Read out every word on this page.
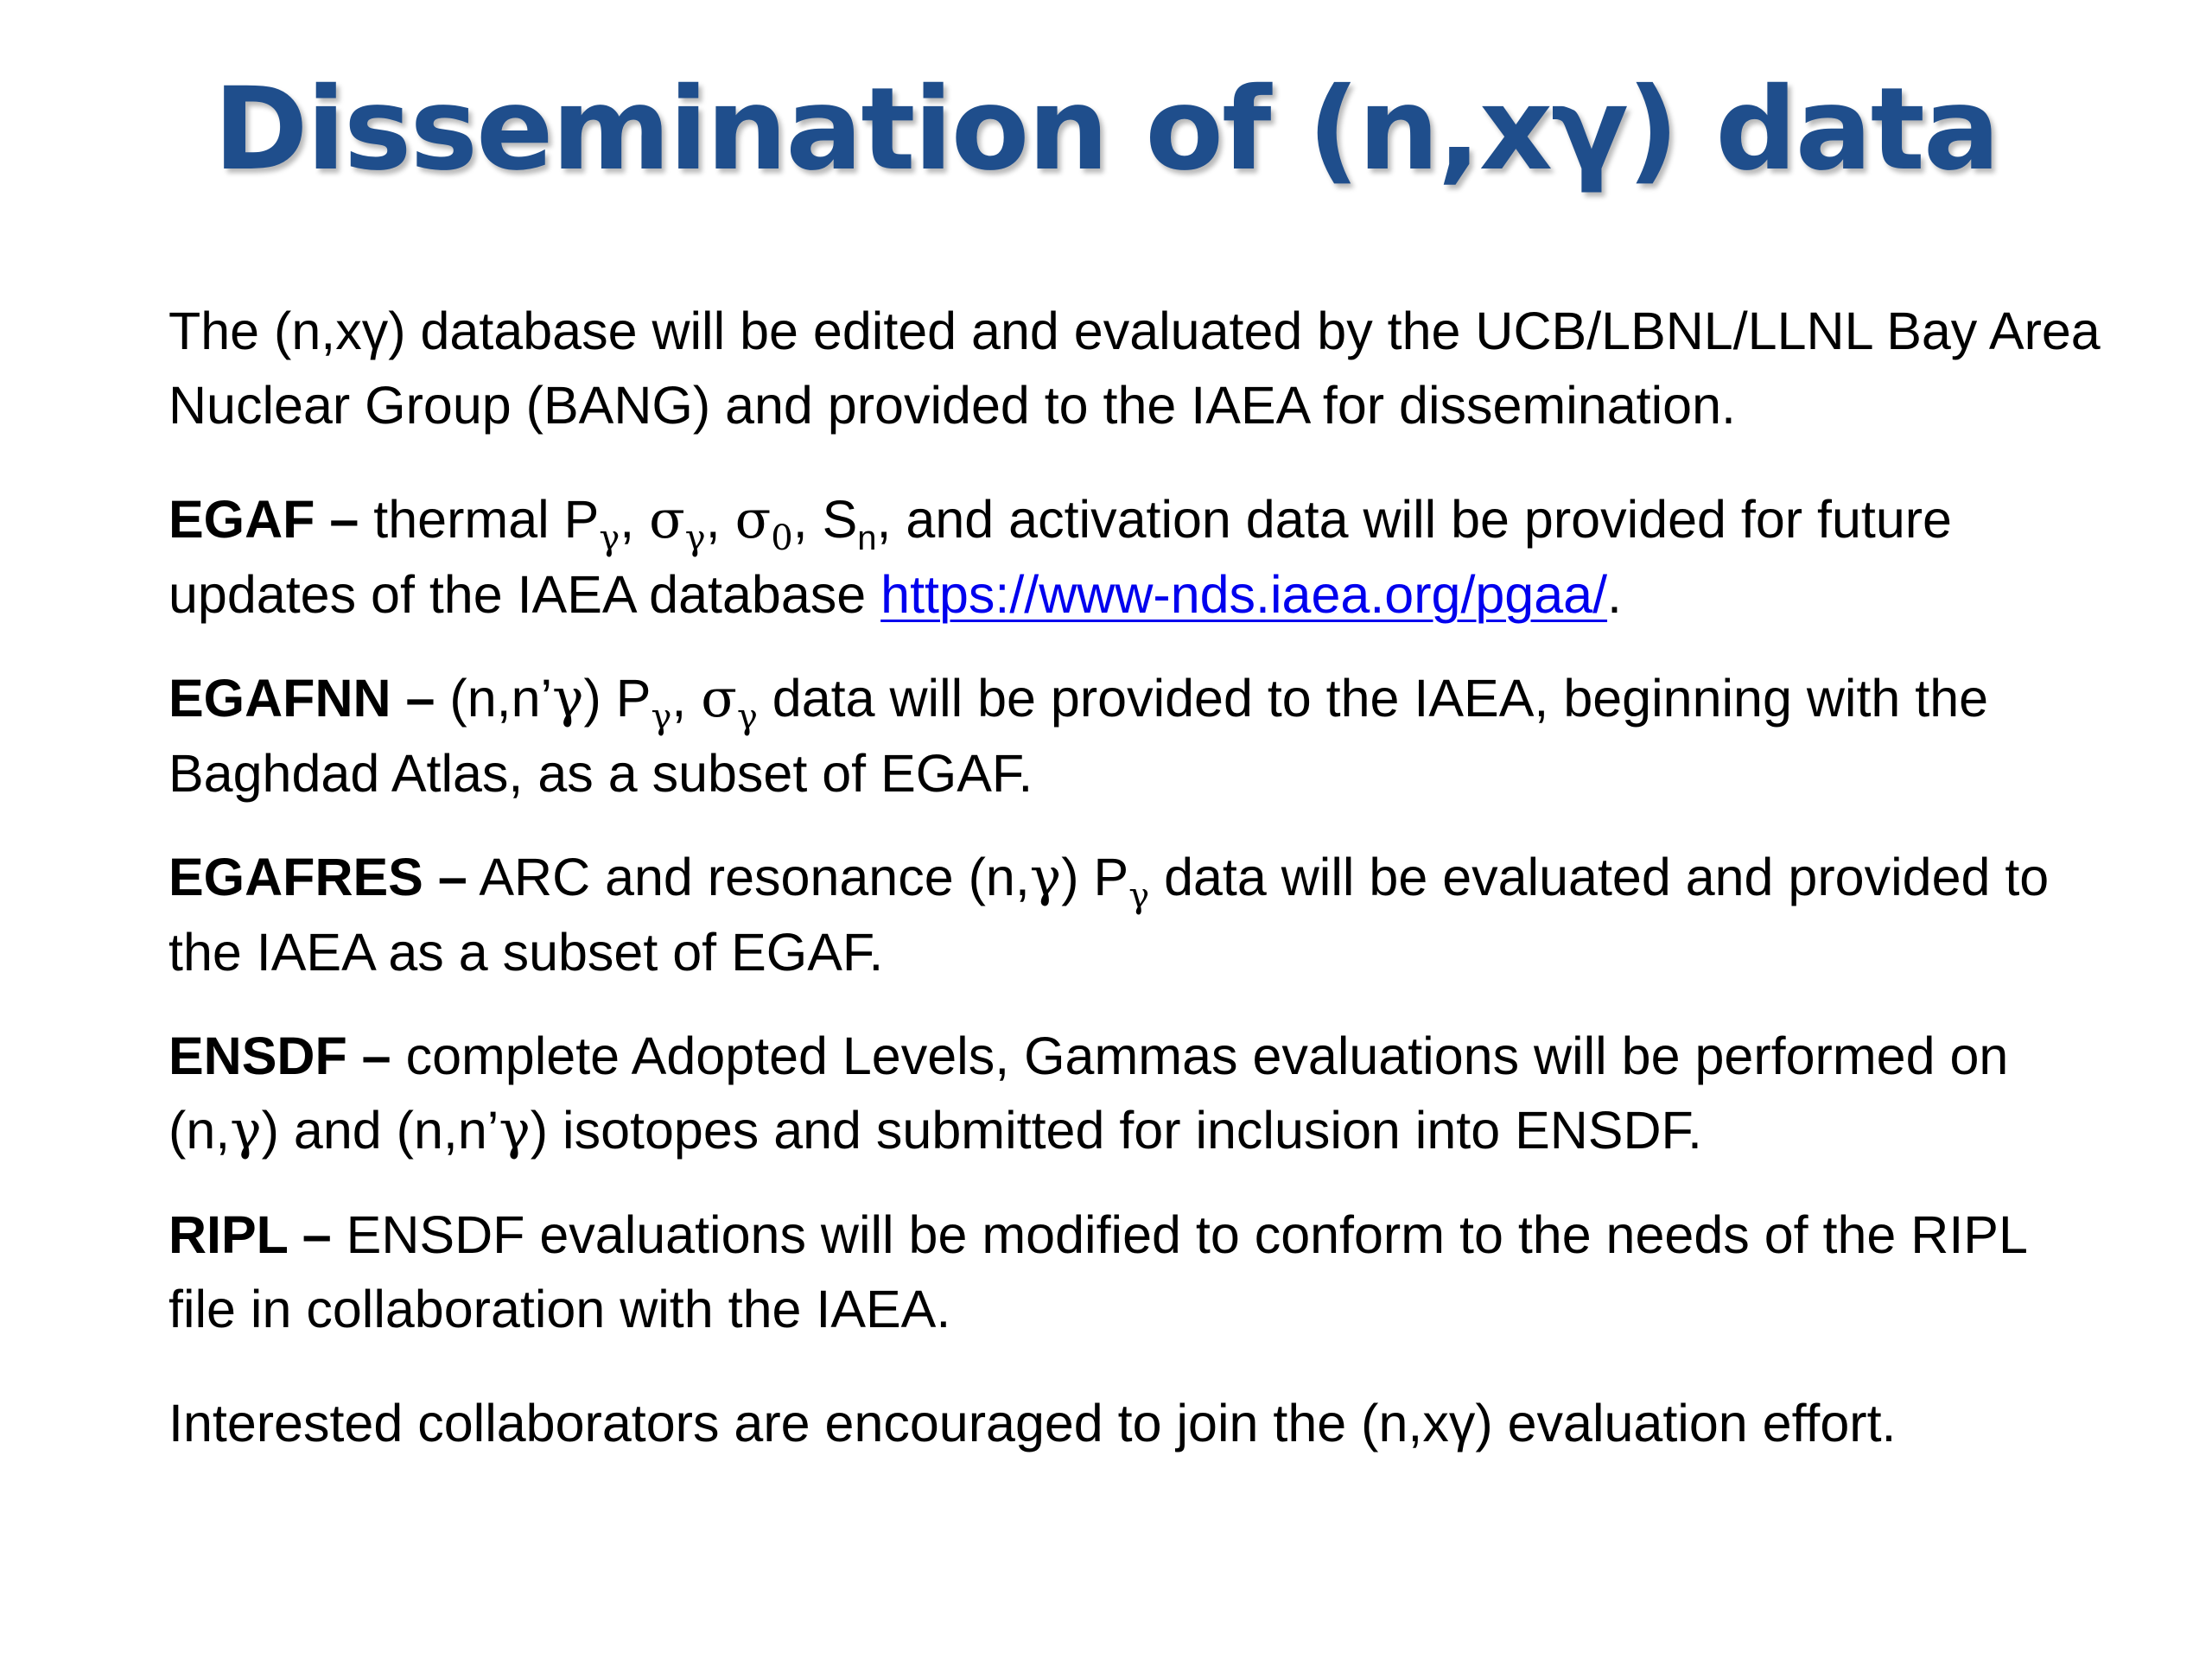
Dissemination of (n,xγ) data

The (n,xγ) database will be edited and evaluated by the UCB/LBNL/LLNL Bay Area Nuclear Group (BANG) and provided to the IAEA for dissemination.

EGAF – thermal $P_\gamma$, $\sigma_\gamma$, $\sigma_0$, $S_n$, and activation data will be provided for future updates of the IAEA database https://www-nds.iaea.org/pgaa/.

EGAFNN – (n,n’γ) $P_\gamma$, $\sigma_\gamma$ data will be provided to the IAEA, beginning with the Baghdad Atlas, as a subset of EGAF.

EGAFRES – ARC and resonance (n,γ) $P_\gamma$ data will be evaluated and provided to the IAEA as a subset of EGAF.

ENSDF – complete Adopted Levels, Gammas evaluations will be performed on (n,γ) and (n,n’γ) isotopes and submitted for inclusion into ENSDF.

RIPL – ENSDF evaluations will be modified to conform to the needs of the RIPL file in collaboration with the IAEA.

Interested collaborators are encouraged to join the (n,xγ) evaluation effort.
